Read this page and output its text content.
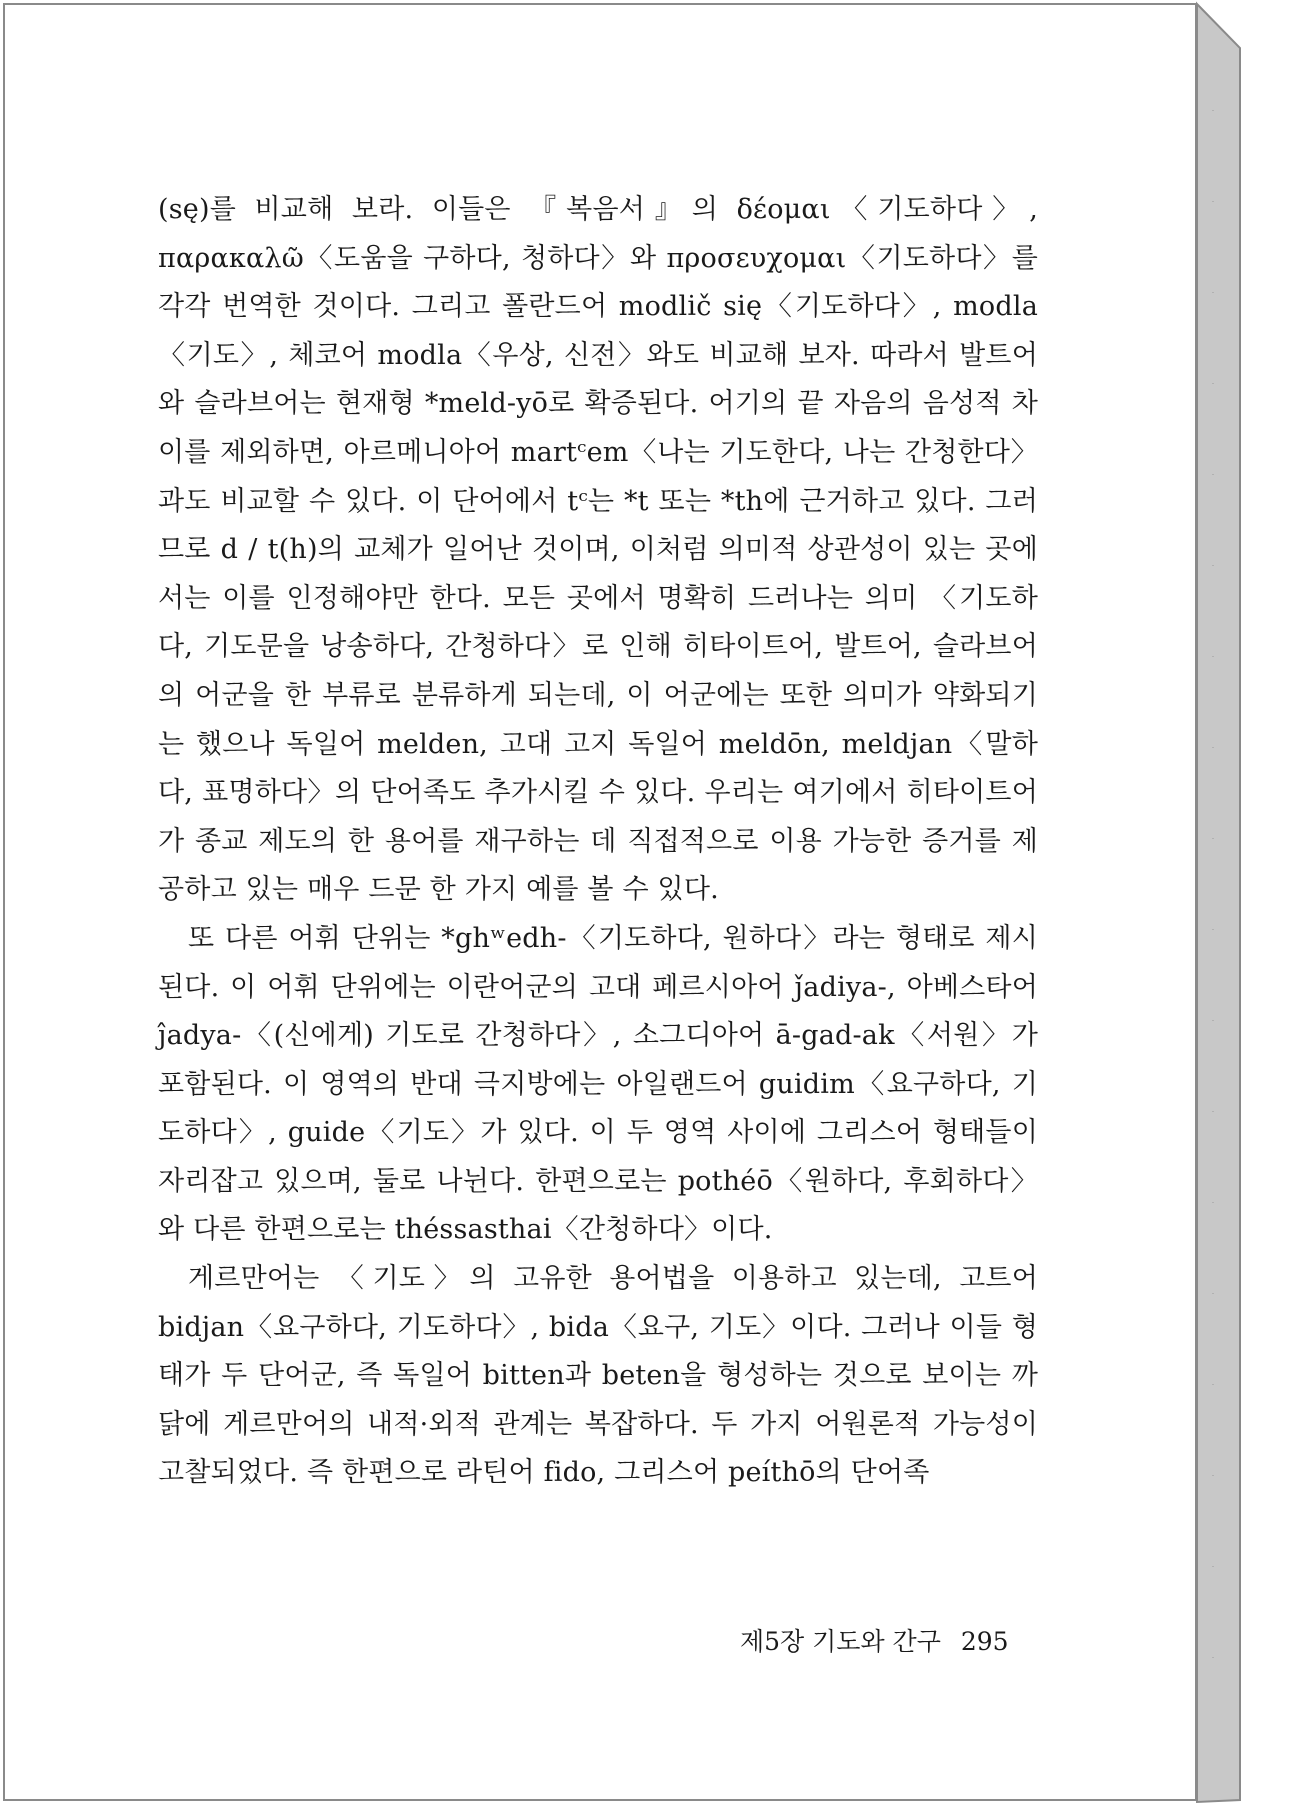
(sę)를 비교해 보라. 이들은 『복음서』의 δέομαι〈기도하다〉, παρακαλῶ〈도움을 구하다, 청하다〉와 προσευχομαι〈기도하다〉를 각각 번역한 것이다. 그리고 폴란드어 modlič się〈기도하다〉, modla〈기도〉, 체코어 modla〈우상, 신전〉와도 비교해 보자. 따라서 발트어와 슬라브어는 현재형 *meld-yō로 확증된다. 어기의 끝 자음의 음성적 차이를 제외하면, 아르메니아어 martᶜem〈나는 기도한다, 나는 간청한다〉과도 비교할 수 있다. 이 단어에서 tᶜ는 *t 또는 *th에 근거하고 있다. 그러므로 d / t(h)의 교체가 일어난 것이며, 이처럼 의미적 상관성이 있는 곳에서는 이를 인정해야만 한다. 모든 곳에서 명확히 드러나는 의미 〈기도하다, 기도문을 낭송하다, 간청하다〉로 인해 히타이트어, 발트어, 슬라브어의 어군을 한 부류로 분류하게 되는데, 이 어군에는 또한 의미가 약화되기는 했으나 독일어 melden, 고대 고지 독일어 meldōn, meldjan〈말하다, 표명하다〉의 단어족도 추가시킬 수 있다. 우리는 여기에서 히타이트어가 종교 제도의 한 용어를 재구하는 데 직접적으로 이용 가능한 증거를 제공하고 있는 매우 드문 한 가지 예를 볼 수 있다.

또 다른 어휘 단위는 *ghʷedh-〈기도하다, 원하다〉라는 형태로 제시된다. 이 어휘 단위에는 이란어군의 고대 페르시아어 ǰadiya-, 아베스타어 ĵadya-〈(신에게) 기도로 간청하다〉, 소그디아어 ā-gad-ak〈서원〉가 포함된다. 이 영역의 반대 극지방에는 아일랜드어 guidim〈요구하다, 기도하다〉, guide〈기도〉가 있다. 이 두 영역 사이에 그리스어 형태들이 자리잡고 있으며, 둘로 나뉜다. 한편으로는 pothéō〈원하다, 후회하다〉와 다른 한편으로는 théssasthai〈간청하다〉이다.

게르만어는 〈기도〉의 고유한 용어법을 이용하고 있는데, 고트어 bidjan〈요구하다, 기도하다〉, bida〈요구, 기도〉이다. 그러나 이들 형태가 두 단어군, 즉 독일어 bitten과 beten을 형성하는 것으로 보이는 까닭에 게르만어의 내적·외적 관계는 복잡하다. 두 가지 어원론적 가능성이 고찰되었다. 즉 한편으로 라틴어 fido, 그리스어 peíthō의 단어족

제5장 기도와 간구 295
